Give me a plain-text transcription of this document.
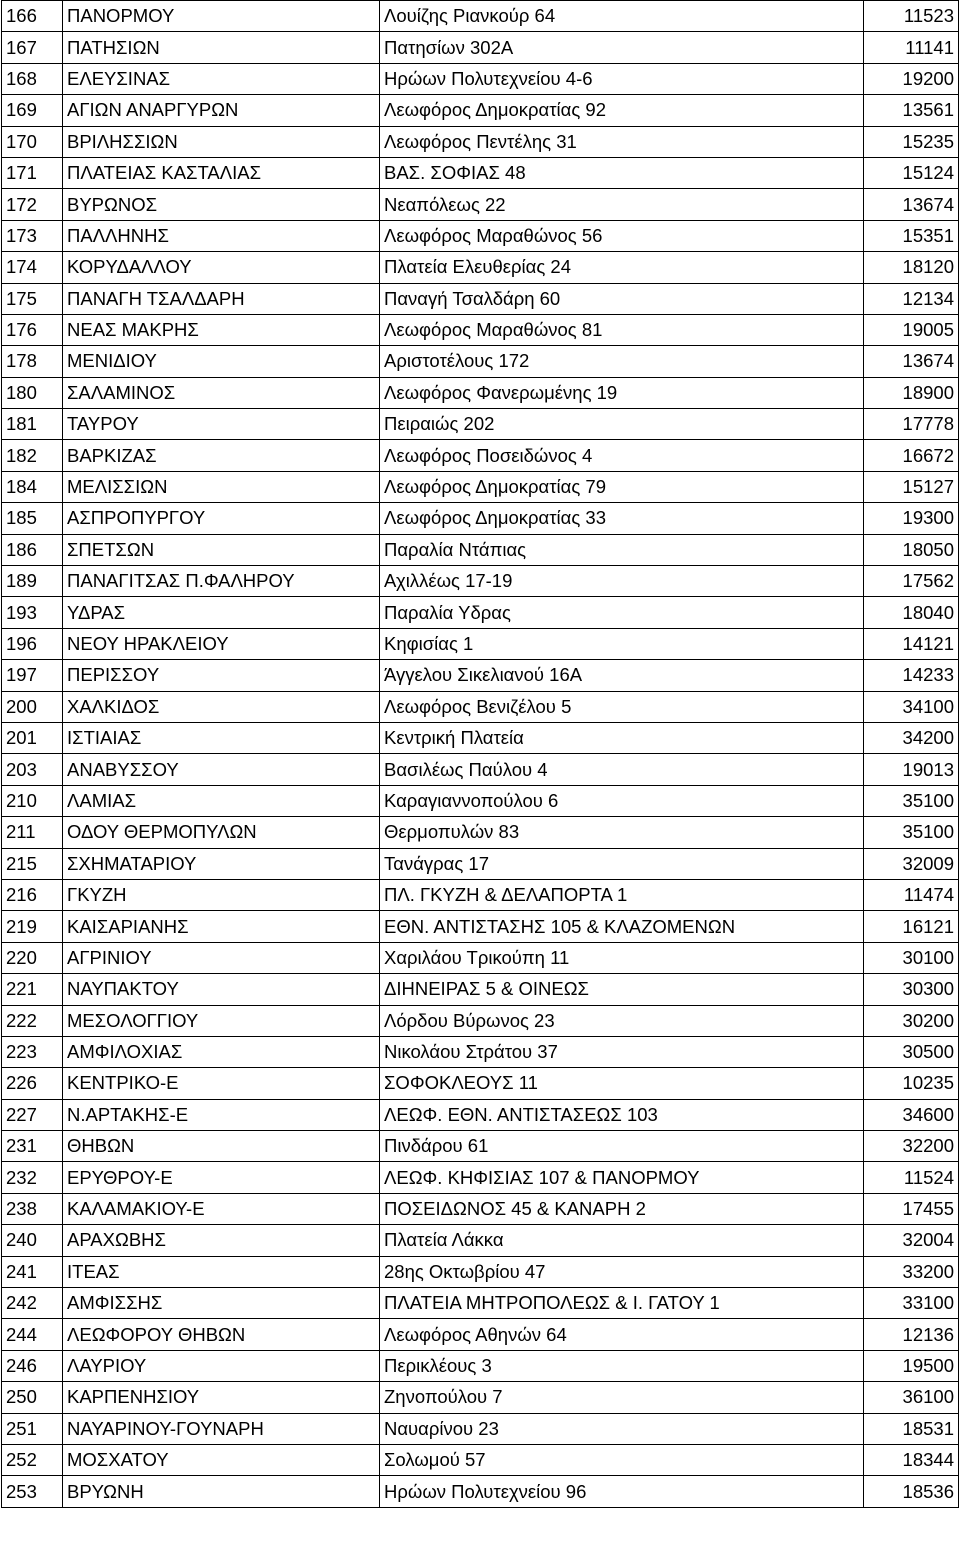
166	ΠΑΝΟΡΜΟΥ	Λουίζης Ριανκούρ 64	11523
167	ΠΑΤΗΣΙΩΝ	Πατησίων 302Α	11141
168	ΕΛΕΥΣΙΝΑΣ	Ηρώων Πολυτεχνείου 4-6	19200
169	ΑΓΙΩΝ ΑΝΑΡΓΥΡΩΝ	Λεωφόρος Δημοκρατίας 92	13561
170	ΒΡΙΛΗΣΣΙΩΝ	Λεωφόρος Πεντέλης 31	15235
171	ΠΛΑΤΕΙΑΣ ΚΑΣΤΑΛΙΑΣ	ΒΑΣ. ΣΟΦΙΑΣ 48	15124
172	ΒΥΡΩΝΟΣ	Νεαπόλεως 22	13674
173	ΠΑΛΛΗΝΗΣ	Λεωφόρος Μαραθώνος 56	15351
174	ΚΟΡΥΔΑΛΛΟΥ	Πλατεία Ελευθερίας 24	18120
175	ΠΑΝΑΓΗ ΤΣΑΛΔΑΡΗ	Παναγή Τσαλδάρη 60	12134
176	ΝΕΑΣ ΜΑΚΡΗΣ	Λεωφόρος Μαραθώνος 81	19005
178	ΜΕΝΙΔΙΟΥ	Αριστοτέλους 172	13674
180	ΣΑΛΑΜΙΝΟΣ	Λεωφόρος Φανερωμένης 19	18900
181	ΤΑΥΡΟΥ	Πειραιώς 202	17778
182	ΒΑΡΚΙΖΑΣ	Λεωφόρος Ποσειδώνος 4	16672
184	ΜΕΛΙΣΣΙΩΝ	Λεωφόρος Δημοκρατίας 79	15127
185	ΑΣΠΡΟΠΥΡΓΟΥ	Λεωφόρος Δημοκρατίας 33	19300
186	ΣΠΕΤΣΩΝ	Παραλία Ντάπιας	18050
189	ΠΑΝΑΓΙΤΣΑΣ Π.ΦΑΛΗΡΟΥ	Αχιλλέως 17-19	17562
193	ΥΔΡΑΣ	Παραλία Υδρας	18040
196	ΝΕΟΥ ΗΡΑΚΛΕΙΟΥ	Κηφισίας 1	14121
197	ΠΕΡΙΣΣΟΥ	Άγγελου Σικελιανού 16Α	14233
200	ΧΑΛΚΙΔΟΣ	Λεωφόρος Βενιζέλου 5	34100
201	ΙΣΤΙΑΙΑΣ	Κεντρική Πλατεία	34200
203	ΑΝΑΒΥΣΣΟΥ	Βασιλέως Παύλου 4	19013
210	ΛΑΜΙΑΣ	Καραγιαννοπούλου 6	35100
211	ΟΔΟΥ ΘΕΡΜΟΠΥΛΩΝ	Θερμοπυλών 83	35100
215	ΣΧΗΜΑΤΑΡΙΟΥ	Τανάγρας 17	32009
216	ΓΚΥΖΗ	ΠΛ. ΓΚΥΖΗ & ΔΕΛΑΠΟΡΤΑ 1	11474
219	ΚΑΙΣΑΡΙΑΝΗΣ	ΕΘΝ. ΑΝΤΙΣΤΑΣΗΣ 105 & ΚΛΑΖΟΜΕΝΩΝ	16121
220	ΑΓΡΙΝΙΟΥ	Χαριλάου Τρικούπη 11	30100
221	ΝΑΥΠΑΚΤΟΥ	ΔΙΗΝΕΙΡΑΣ 5 & ΟΙΝΕΩΣ	30300
222	ΜΕΣΟΛΟΓΓΙΟΥ	Λόρδου Βύρωνος 23	30200
223	ΑΜΦΙΛΟΧΙΑΣ	Νικολάου Στράτου 37	30500
226	ΚΕΝΤΡΙΚΟ-Ε	ΣΟΦΟΚΛΕΟΥΣ 11	10235
227	Ν.ΑΡΤΑΚΗΣ-Ε	ΛΕΩΦ. ΕΘΝ. ΑΝΤΙΣΤΑΣΕΩΣ 103	34600
231	ΘΗΒΩΝ	Πινδάρου 61	32200
232	ΕΡΥΘΡΟΥ-Ε	ΛΕΩΦ. ΚΗΦΙΣΙΑΣ 107 & ΠΑΝΟΡΜΟΥ	11524
238	ΚΑΛΑΜΑΚΙΟΥ-Ε	ΠΟΣΕΙΔΩΝΟΣ 45 & ΚΑΝΑΡΗ 2	17455
240	ΑΡΑΧΩΒΗΣ	Πλατεία Λάκκα	32004
241	ΙΤΕΑΣ	28ης Οκτωβρίου 47	33200
242	ΑΜΦΙΣΣΗΣ	ΠΛΑΤΕΙΑ ΜΗΤΡΟΠΟΛΕΩΣ & Ι. ΓΑΤΟΥ 1	33100
244	ΛΕΩΦΟΡΟΥ ΘΗΒΩΝ	Λεωφόρος Αθηνών 64	12136
246	ΛΑΥΡΙΟΥ	Περικλέους 3	19500
250	ΚΑΡΠΕΝΗΣΙΟΥ	Ζηνοπούλου 7	36100
251	ΝΑΥΑΡΙΝΟΥ-ΓΟΥΝΑΡΗ	Ναυαρίνου 23	18531
252	ΜΟΣΧΑΤΟΥ	Σολωμού 57	18344
253	ΒΡΥΩΝΗ	Ηρώων Πολυτεχνείου 96	18536
